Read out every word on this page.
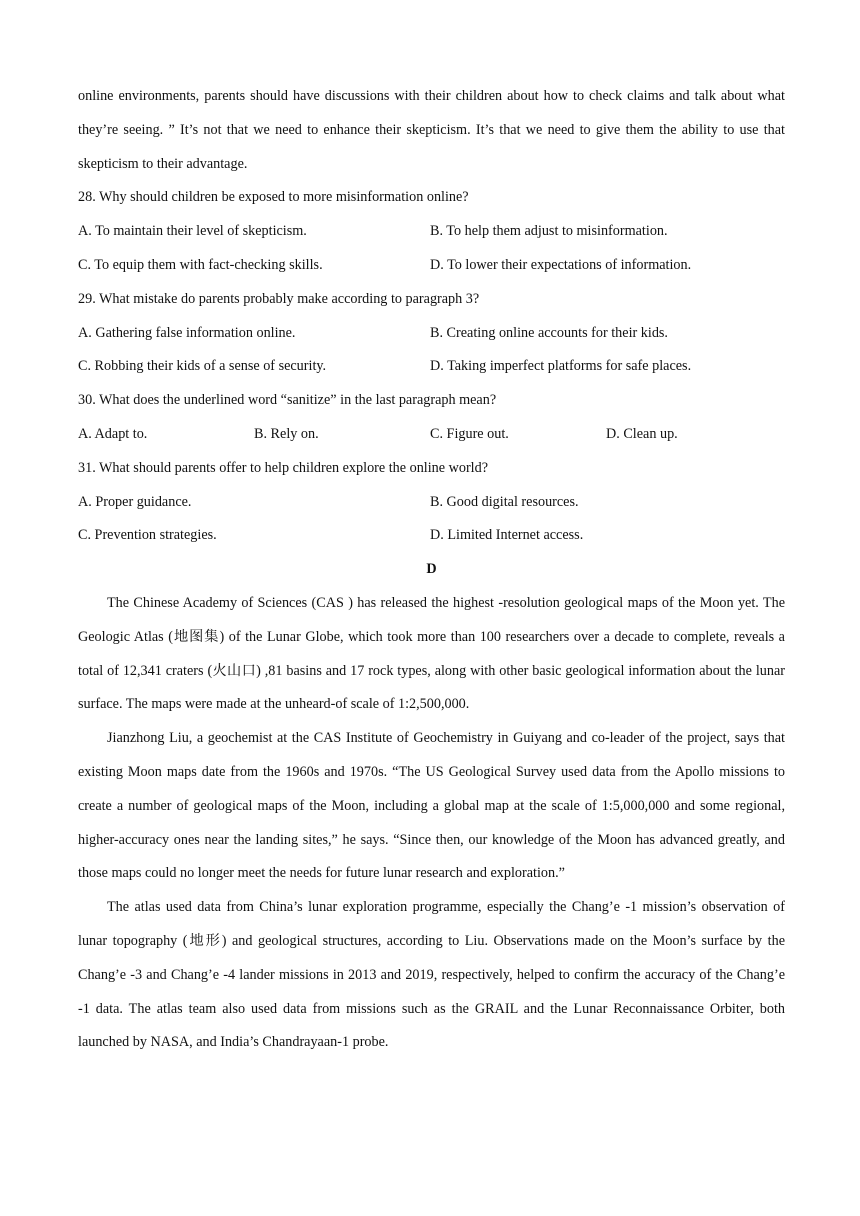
online environments, parents should have discussions with their children about how to check claims and talk about what they’re seeing. ” It’s not that we need to enhance their skepticism. It’s that we need to give them the ability to use that skepticism to their advantage.
28. Why should children be exposed to more misinformation online?
A. To maintain their level of skepticism.	B. To help them adjust to misinformation.
C. To equip them with fact-checking skills.	D. To lower their expectations of information.
29. What mistake do parents probably make according to paragraph 3?
A. Gathering false information online.	B. Creating online accounts for their kids.
C. Robbing their kids of a sense of security.	D. Taking imperfect platforms for safe places.
30. What does the underlined word “sanitize” in the last paragraph mean?
A. Adapt to.	B. Rely on.	C. Figure out.	D. Clean up.
31. What should parents offer to help children explore the online world?
A. Proper guidance.	B. Good digital resources.
C. Prevention strategies.	D. Limited Internet access.
D
The Chinese Academy of Sciences (CAS ) has released the highest -resolution geological maps of the Moon yet. The Geologic Atlas (地图集) of the Lunar Globe, which took more than 100 researchers over a decade to complete, reveals a total of 12,341 craters (火山口) ,81 basins and 17 rock types, along with other basic geological information about the lunar surface. The maps were made at the unheard-of scale of 1:2,500,000.
Jianzhong Liu, a geochemist at the CAS Institute of Geochemistry in Guiyang and co-leader of the project, says that existing Moon maps date from the 1960s and 1970s. “The US Geological Survey used data from the Apollo missions to create a number of geological maps of the Moon, including a global map at the scale of 1:5,000,000 and some regional, higher-accuracy ones near the landing sites,” he says. “Since then, our knowledge of the Moon has advanced greatly, and those maps could no longer meet the needs for future lunar research and exploration.”
The atlas used data from China’s lunar exploration programme, especially the Chang’e -1 mission’s observation of lunar topography (地形) and geological structures, according to Liu. Observations made on the Moon’s surface by the Chang’e -3 and Chang’e -4 lander missions in 2013 and 2019, respectively, helped to confirm the accuracy of the Chang’e -1 data. The atlas team also used data from missions such as the GRAIL and the Lunar Reconnaissance Orbiter, both launched by NASA, and India’s Chandrayaan-1 probe.
